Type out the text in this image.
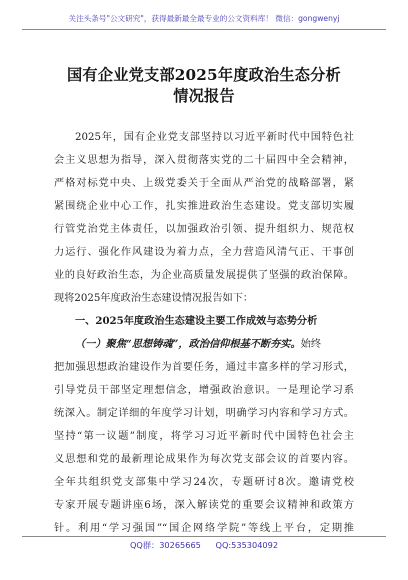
关注头条号"公文研究"，获得最新最全最专业的公文资料库！ 微信：gongwenyj
国有企业党支部2025年度政治生态分析
情况报告
2025年，国有企业党支部坚持以习近平新时代中国特色社
会主义思想为指导，深入贯彻落实党的二十届四中全会精神，
严格对标党中央、上级党委关于全面从严治党的战略部署，紧
紧围绕企业中心工作，扎实推进政治生态建设。党支部切实履
行管党治党主体责任，以加强政治引领、提升组织力、规范权
力运行、强化作风建设为着力点，全力营造风清气正、干事创
业的良好政治生态，为企业高质量发展提供了坚强的政治保障。
现将2025年度政治生态建设情况报告如下：
一、2025年度政治生态建设主要工作成效与态势分析
（一）聚焦“思想铸魂”，政治信仰根基不断夯实。始终
把加强思想政治建设作为首要任务，通过丰富多样的学习形式，
引导党员干部坚定理想信念，增强政治意识。一是理论学习系
统深入。制定详细的年度学习计划，明确学习内容和学习方式。
坚持“第一议题”制度，将学习习近平新时代中国特色社会主
义思想和党的最新理论成果作为每次党支部会议的首要内容。
全年共组织党支部集中学习24次，专题研讨8次。邀请党校
专家开展专题讲座6场，深入解读党的重要会议精神和政策方
针。利用“学习强国”“国企网络学院”等线上平台，定期推
QQ群：30265665 QQ:535304092
